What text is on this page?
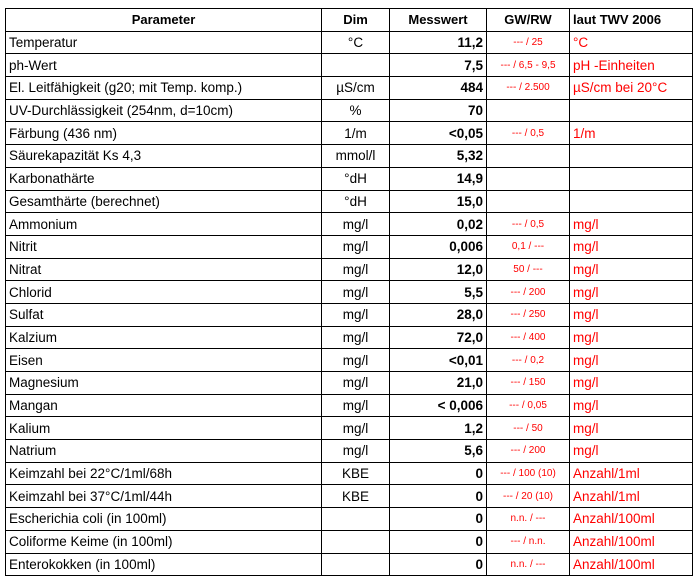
Parameter	Dim	Messwert	GW/RW	laut TWV 2006
Temperatur	°C	11,2	--- / 25	°C
ph-Wert		7,5	--- / 6,5 - 9,5	pH -Einheiten
El. Leitfähigkeit (g20; mit Temp. komp.)	µS/cm	484	--- / 2.500	µS/cm bei 20°C
UV-Durchlässigkeit (254nm, d=10cm)	%	70		
Färbung (436 nm)	1/m	<0,05	--- / 0,5	1/m
Säurekapazität Ks 4,3	mmol/l	5,32		
Karbonathärte	°dH	14,9		
Gesamthärte (berechnet)	°dH	15,0		
Ammonium	mg/l	0,02	--- / 0,5	mg/l
Nitrit	mg/l	0,006	0,1 / ---	mg/l
Nitrat	mg/l	12,0	50 / ---	mg/l
Chlorid	mg/l	5,5	--- / 200	mg/l
Sulfat	mg/l	28,0	--- / 250	mg/l
Kalzium	mg/l	72,0	--- / 400	mg/l
Eisen	mg/l	<0,01	--- / 0,2	mg/l
Magnesium	mg/l	21,0	--- / 150	mg/l
Mangan	mg/l	< 0,006	--- / 0,05	mg/l
Kalium	mg/l	1,2	--- / 50	mg/l
Natrium	mg/l	5,6	--- / 200	mg/l
Keimzahl bei 22°C/1ml/68h	KBE	0	--- / 100 (10)	Anzahl/1ml
Keimzahl bei 37°C/1ml/44h	KBE	0	--- / 20 (10)	Anzahl/1ml
Escherichia coli (in 100ml)		0	n.n. / ---	Anzahl/100ml
Coliforme Keime (in 100ml)		0	--- / n.n.	Anzahl/100ml
Enterokokken (in 100ml)		0	n.n. / ---	Anzahl/100ml
